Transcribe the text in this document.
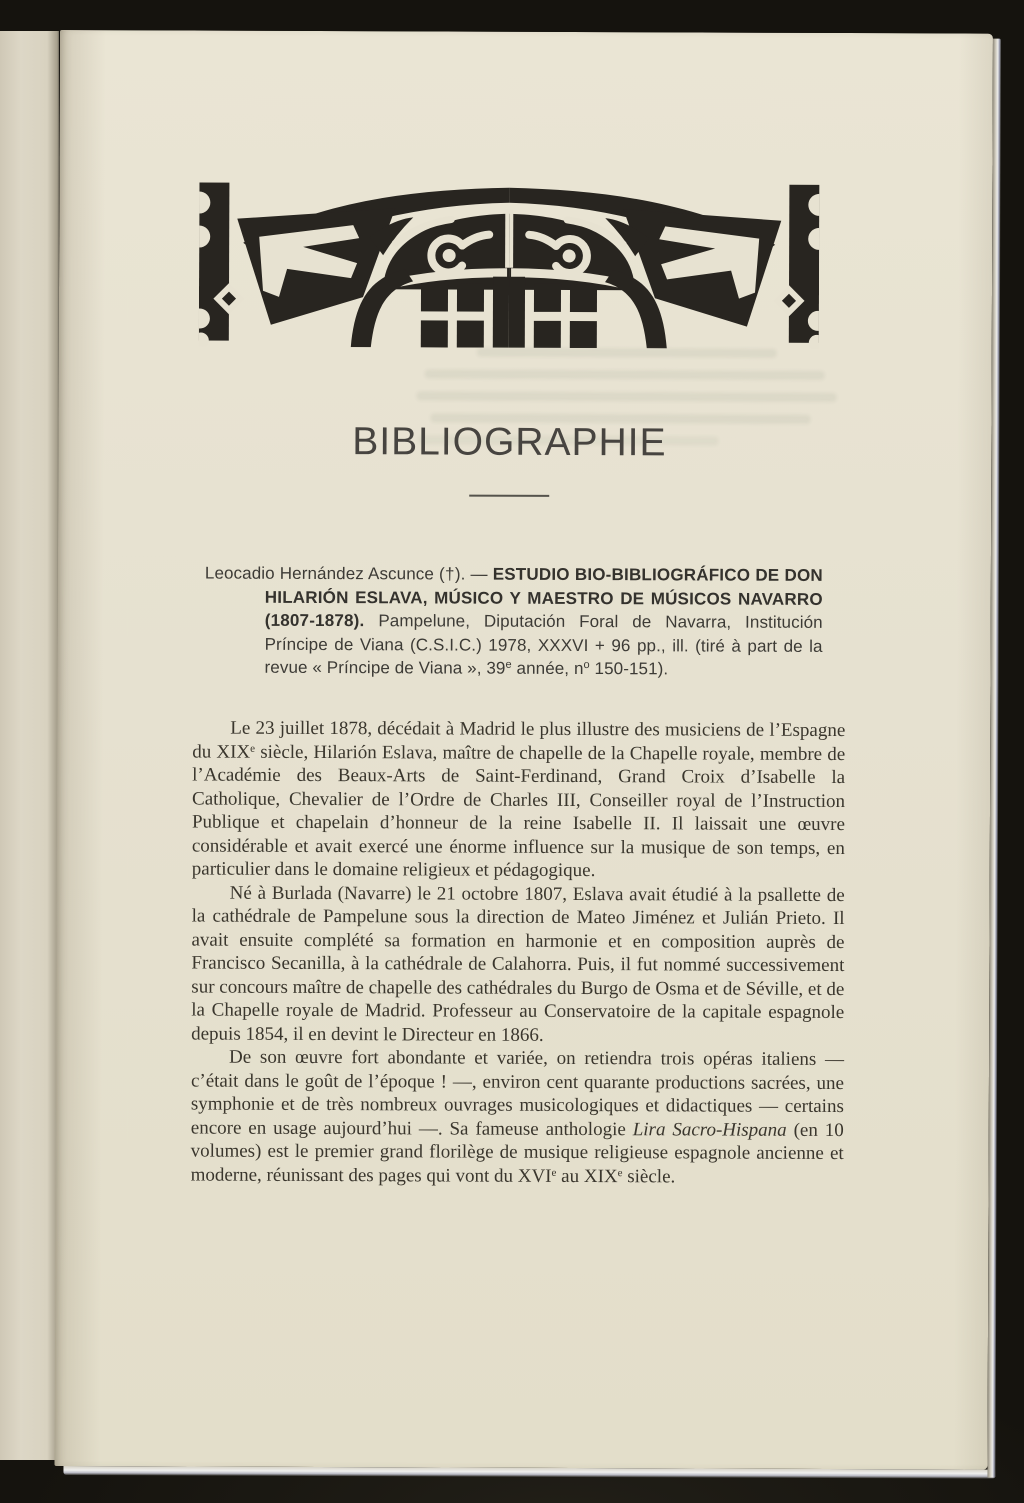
BIBLIOGRAPHIE

Leocadio Hernández Ascunce (†). — ESTUDIO BIO-BIBLIOGRÁFICO DE DON HILARIÓN ESLAVA, MÚSICO Y MAESTRO DE MÚSICOS NAVARRO (1807-1878). Pampelune, Diputación Foral de Navarra, Institución Príncipe de Viana (C.S.I.C.) 1978, XXXVI + 96 pp., ill. (tiré à part de la revue « Príncipe de Viana », 39e année, $n^o$ 150-151).

Le 23 juillet 1878, décédait à Madrid le plus illustre des musiciens de l’Espagne du XIXe siècle, Hilarión Eslava, maître de chapelle de la Chapelle royale, membre de l’Académie des Beaux-Arts de Saint-Ferdinand, Grand Croix d’Isabelle la Catholique, Chevalier de l’Ordre de Charles III, Conseiller royal de l’Instruction Publique et chapelain d’honneur de la reine Isabelle II. Il laissait une œuvre considérable et avait exercé une énorme influence sur la musique de son temps, en particulier dans le domaine religieux et pédagogique.

Né à Burlada (Navarre) le 21 octobre 1807, Eslava avait étudié à la psallette de la cathédrale de Pampelune sous la direction de Mateo Jiménez et Julián Prieto. Il avait ensuite complété sa formation en harmonie et en composition auprès de Francisco Secanilla, à la cathédrale de Calahorra. Puis, il fut nommé successivement sur concours maître de chapelle des cathédrales du Burgo de Osma et de Séville, et de la Chapelle royale de Madrid. Professeur au Conservatoire de la capitale espagnole depuis 1854, il en devint le Directeur en 1866.

De son œuvre fort abondante et variée, on retiendra trois opéras italiens — c’était dans le goût de l’époque ! —, environ cent quarante productions sacrées, une symphonie et de très nombreux ouvrages musicologiques et didactiques — certains encore en usage aujourd’hui —. Sa fameuse anthologie Lira Sacro-Hispana (en 10 volumes) est le premier grand florilège de musique religieuse espagnole ancienne et moderne, réunissant des pages qui vont du XVIe au XIXe siècle.
